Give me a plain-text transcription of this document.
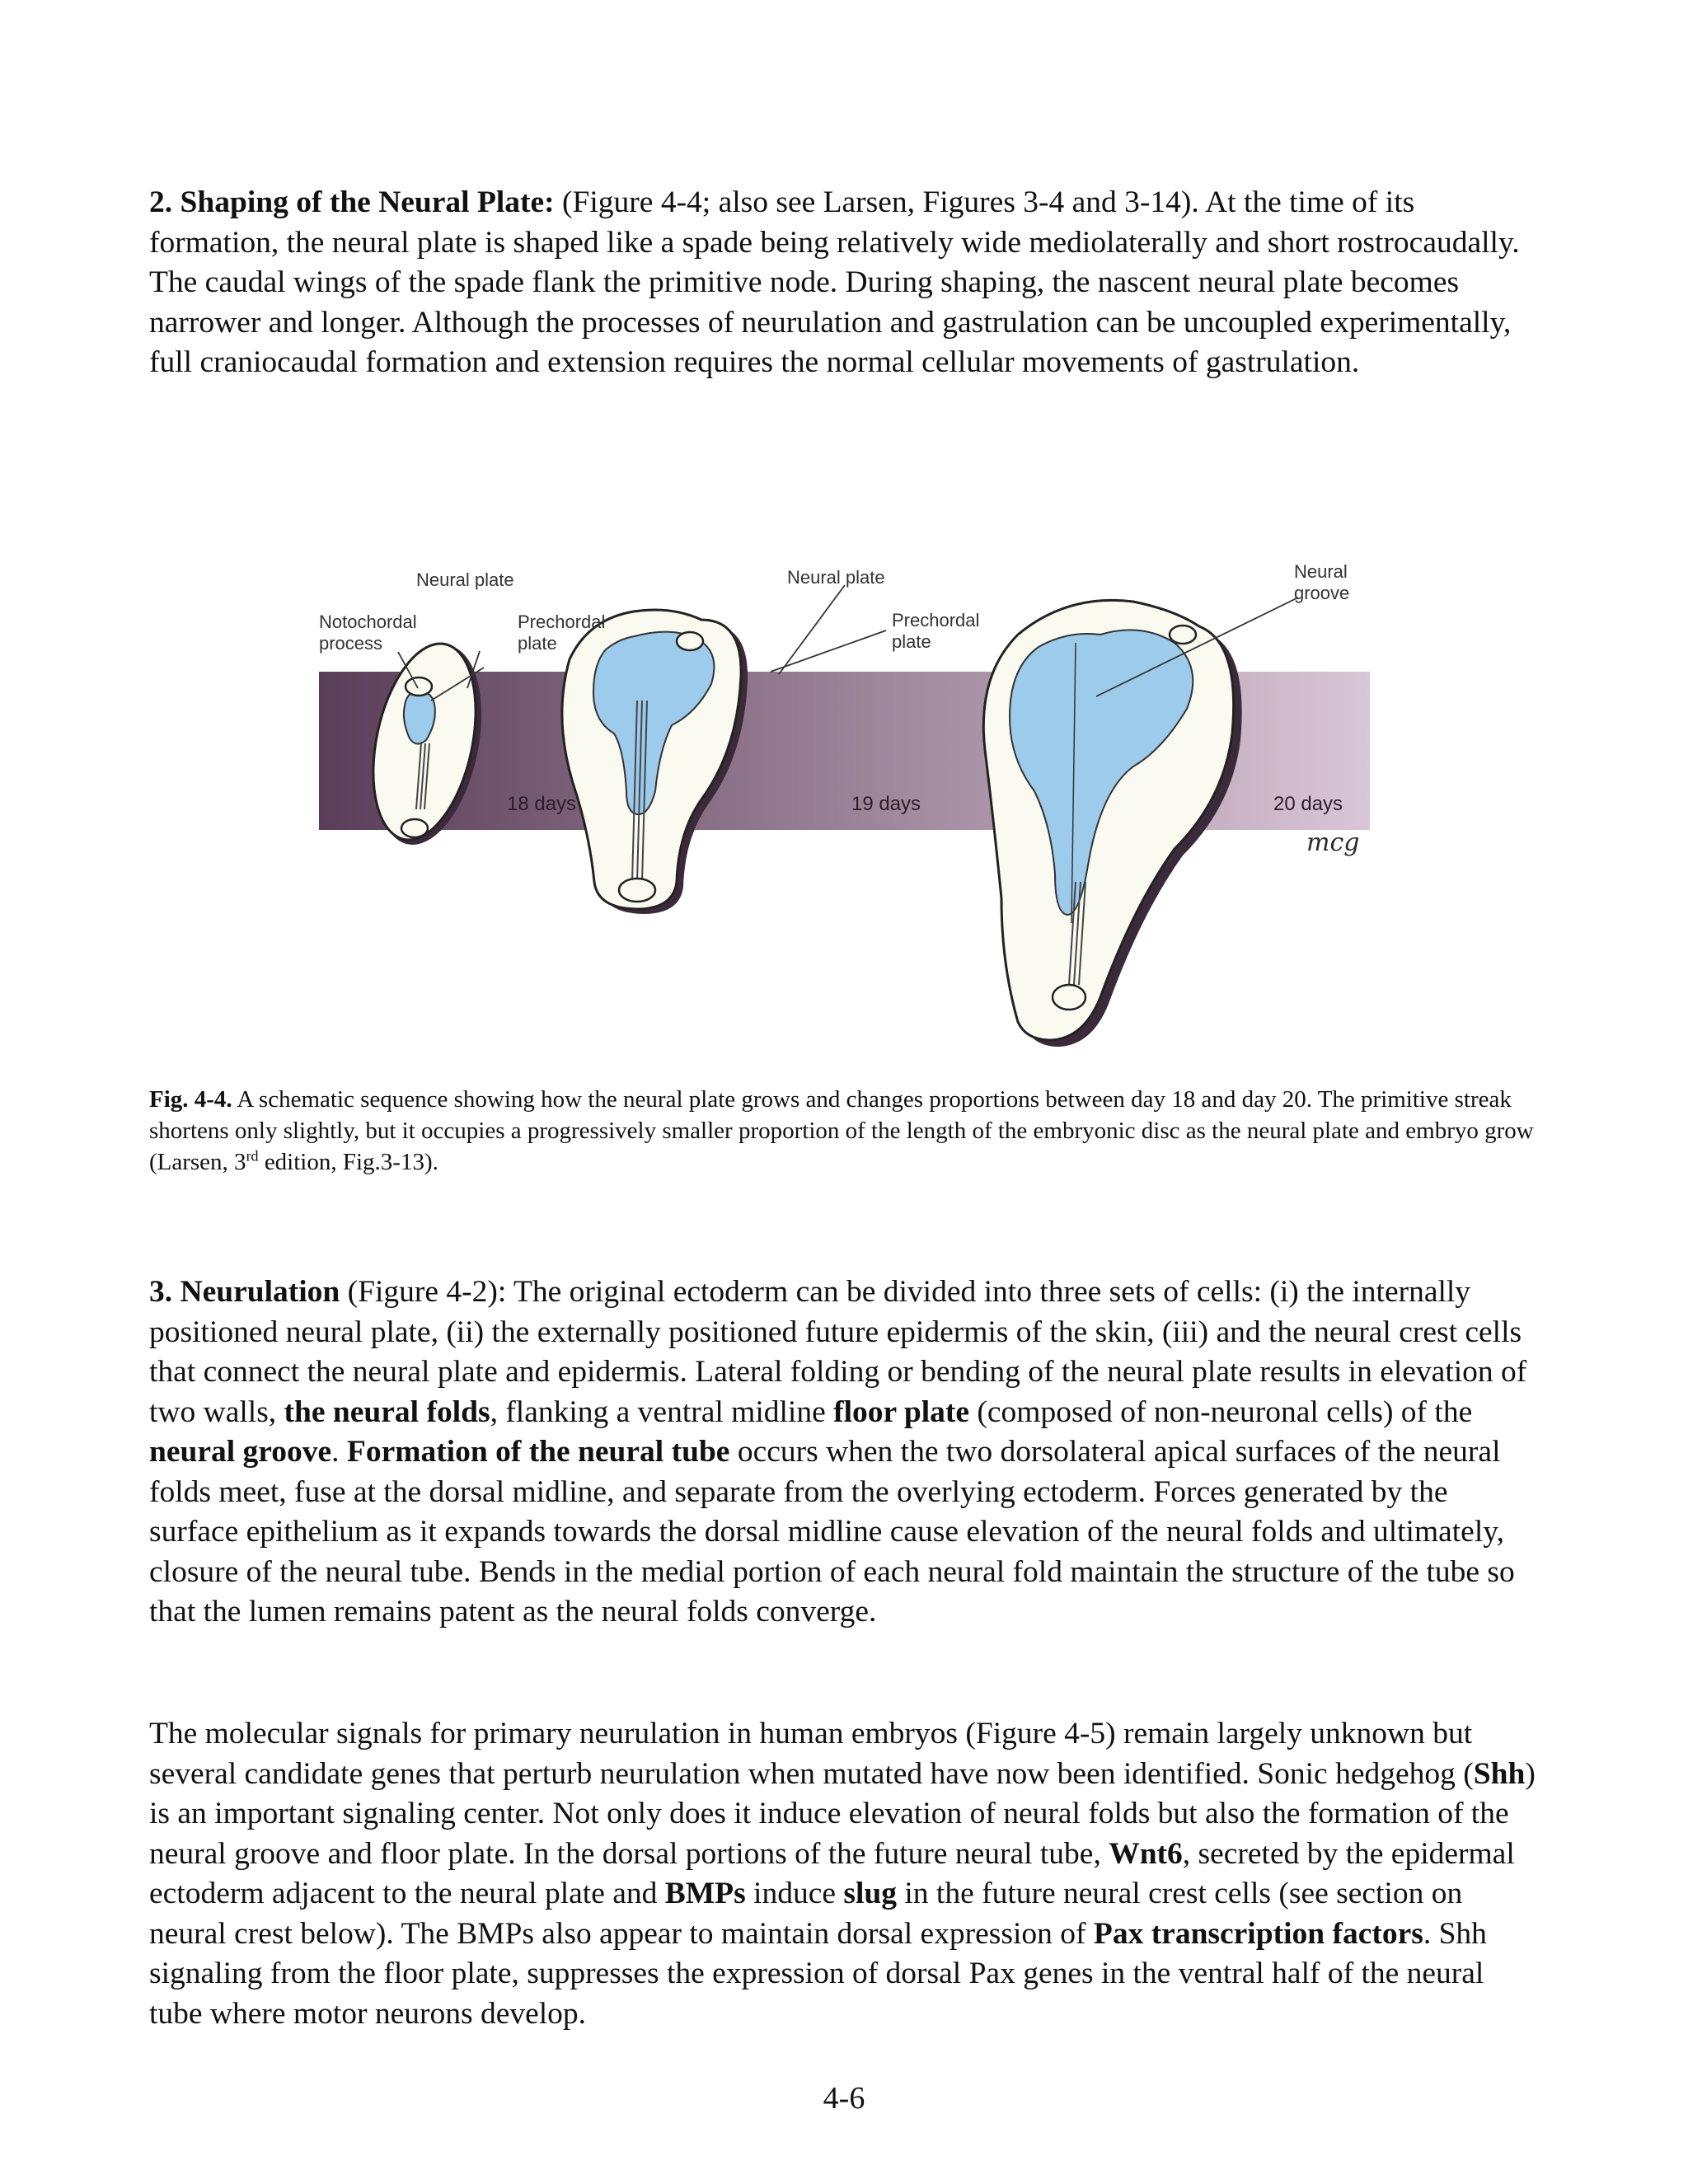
2. Shaping of the Neural Plate: (Figure 4-4; also see Larsen, Figures 3-4 and 3-14). At the time of its formation, the neural plate is shaped like a spade being relatively wide mediolaterally and short rostrocaudally. The caudal wings of the spade flank the primitive node. During shaping, the nascent neural plate becomes narrower and longer. Although the processes of neurulation and gastrulation can be uncoupled experimentally, full craniocaudal formation and extension requires the normal cellular movements of gastrulation.

Neural plate
Notochordal
process
Prechordal
plate
Neural plate
Prechordal
plate
Neural
groove
18 days	19 days	20 days
mcg

Fig. 4-4. A schematic sequence showing how the neural plate grows and changes proportions between day 18 and day 20. The primitive streak shortens only slightly, but it occupies a progressively smaller proportion of the length of the embryonic disc as the neural plate and embryo grow (Larsen, 3rd edition, Fig.3-13).

3. Neurulation (Figure 4-2): The original ectoderm can be divided into three sets of cells: (i) the internally positioned neural plate, (ii) the externally positioned future epidermis of the skin, (iii) and the neural crest cells that connect the neural plate and epidermis. Lateral folding or bending of the neural plate results in elevation of two walls, the neural folds, flanking a ventral midline floor plate (composed of non-neuronal cells) of the neural groove. Formation of the neural tube occurs when the two dorsolateral apical surfaces of the neural folds meet, fuse at the dorsal midline, and separate from the overlying ectoderm. Forces generated by the surface epithelium as it expands towards the dorsal midline cause elevation of the neural folds and ultimately, closure of the neural tube. Bends in the medial portion of each neural fold maintain the structure of the tube so that the lumen remains patent as the neural folds converge.

The molecular signals for primary neurulation in human embryos (Figure 4-5) remain largely unknown but several candidate genes that perturb neurulation when mutated have now been identified. Sonic hedgehog (Shh) is an important signaling center. Not only does it induce elevation of neural folds but also the formation of the neural groove and floor plate. In the dorsal portions of the future neural tube, Wnt6, secreted by the epidermal ectoderm adjacent to the neural plate and BMPs induce slug in the future neural crest cells (see section on neural crest below). The BMPs also appear to maintain dorsal expression of Pax transcription factors. Shh signaling from the floor plate, suppresses the expression of dorsal Pax genes in the ventral half of the neural tube where motor neurons develop.

4-6
